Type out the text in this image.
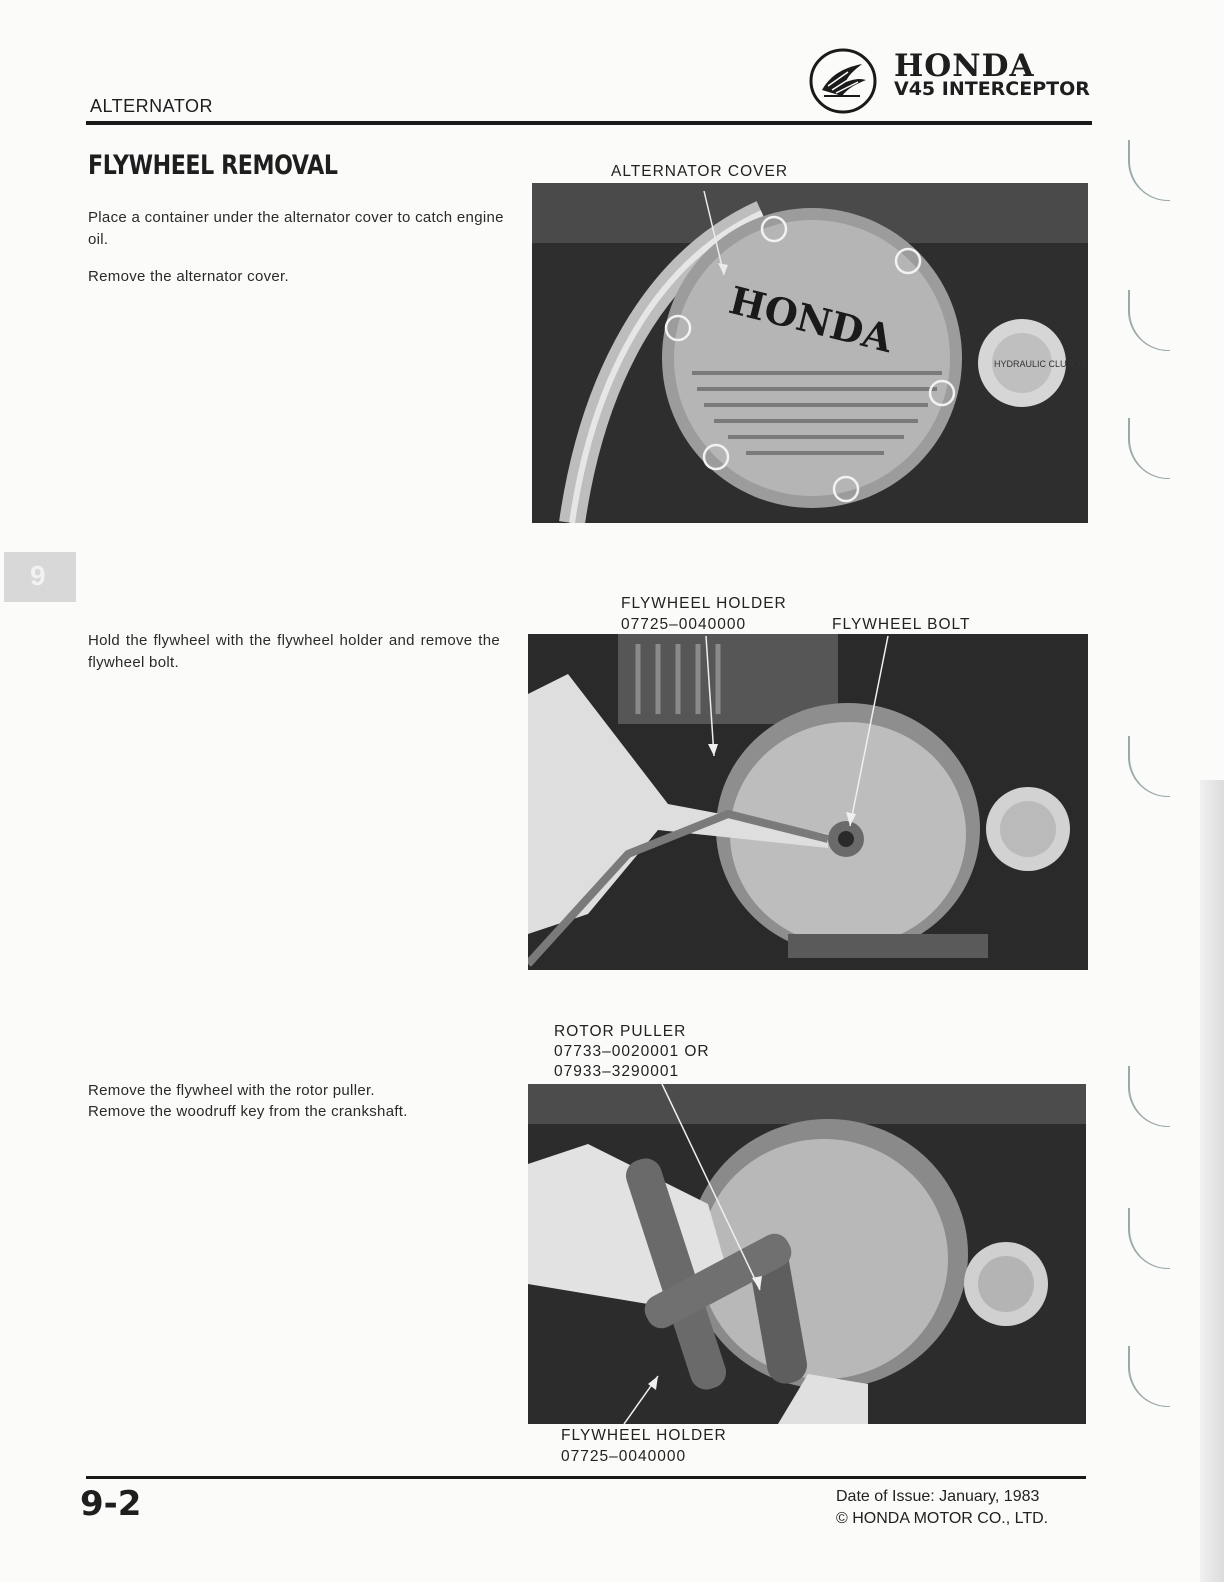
ALTERNATOR
HONDA
V45 INTERCEPTOR
FLYWHEEL REMOVAL
Place a container under the alternator cover to catch engine oil.
Remove the alternator cover.
ALTERNATOR COVER
HONDA
HYDRAULIC CLUTCH
9
Hold the flywheel with the flywheel holder and remove the flywheel bolt.
FLYWHEEL HOLDER
07725–0040000	FLYWHEEL BOLT
Remove the flywheel with the rotor puller.
Remove the woodruff key from the crankshaft.
ROTOR PULLER
07733–0020001 OR
07933–3290001
FLYWHEEL HOLDER
07725–0040000
9-2	Date of Issue: January, 1983
© HONDA MOTOR CO., LTD.
